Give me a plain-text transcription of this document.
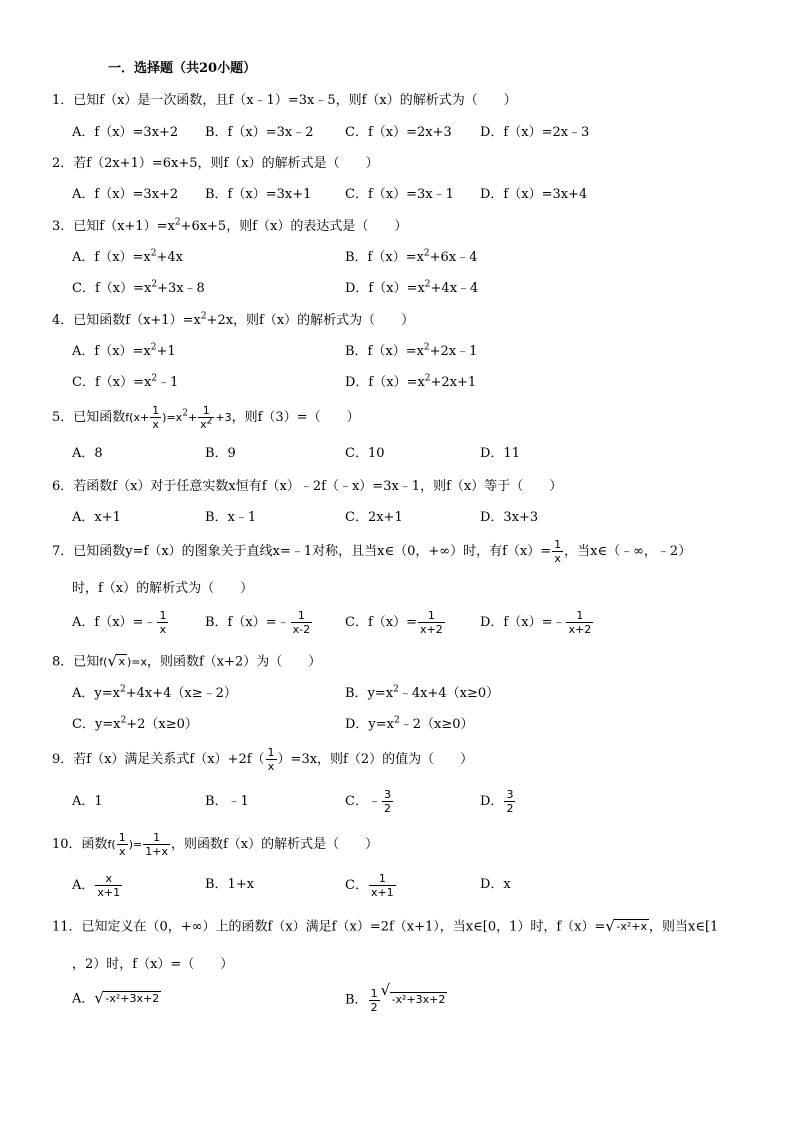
一．选择题（共20小题）
1．已知f（x）是一次函数，且f（x﹣1）=3x﹣5，则f（x）的解析式为（　　）
A．f（x）=3x+2 B．f（x）=3x﹣2 C．f（x）=2x+3 D．f（x）=2x﹣3
2．若f（2x+1）=6x+5，则f（x）的解析式是（　　）
A．f（x）=3x+2 B．f（x）=3x+1	C．f（x）=3x﹣1 D．f（x）=3x+4
3．已知$f(x+1)=x^2+6x+5$，则f（x）的表达式是（　　）
A．$f(x)=x^2+4x$	B．$f(x)=x^2+6x﹣4$
C．$f(x)=x^2+3x﹣8$	D．$f(x)=x^2+4x﹣4$
4．已知函数$f(x+1)=x^2+2x$，则f（x）的解析式为（　　）
A．$f(x)=x^2+1$	B．$f(x)=x^2+2x﹣1$
C．$f(x)=x^2﹣1$	D．$f(x)=x^2+2x+1$
5．已知函数$f(x+ \frac{1}{x} )=x^2+ \frac{1}{x^2} +3$，则f（3）=（　　）
A．8	B．9	C．10	D．11
6．若函数f（x）对于任意实数x恒有f（x）﹣2f（﹣x）=3x﹣1，则f（x）等于（　　）
A．x+1	B．x﹣1	C．2x+1	D．3x+3
7．已知函数y=f（x）的图象关于直线x=﹣1对称，且当x∈（0，+∞）时，有$f(x)= \frac{1}{x}$ ，当x∈（﹣∞，﹣2）
时，f（x）的解析式为（　　）
A．f（x）=﹣ $\frac{1}{x}$	B．f（x）=﹣ $\frac{1}{x-2}$	C．$f(x)= \frac{1}{x+2}$	D．f（x）=﹣ $\frac{1}{x+2}$
8．已知f( √ x )=x，则函数f（x+2）为（　　）
A．$y=x^2+4x+4(x\ge﹣2)$	B．$y=x^2﹣4x+4(x\ge 0)$
C．$y=x^2+2(x\ge 0)$	D．$y=x^2﹣2(x\ge 0)$
9．若f（x）满足关系式$f(x)+2f( \frac{1}{x} )=3x$，则f（2）的值为（　　）
A．1	B．﹣1	C．﹣ $\frac{3}{2}$	D． $\frac{3}{2}$
10．函数$f( \frac{1}{x}$ )= $\frac{1}{1+x}$ ，则函数f（x）的解析式是（　　）
A． $\frac{x}{x+1}$	B．1+x	C． $\frac{1}{x+1}$	D．x
11．已知定义在（0，+∞）上的函数f（x）满足f（x）=2f（x+1），当x∈[0，1）时，f（x）= √ -x²+x ，则当x∈[1
，2）时，f（x）=（　　）
A． √ -x²+3x+2	B． $\frac{1}{2}$ √
-x²+3x+2
